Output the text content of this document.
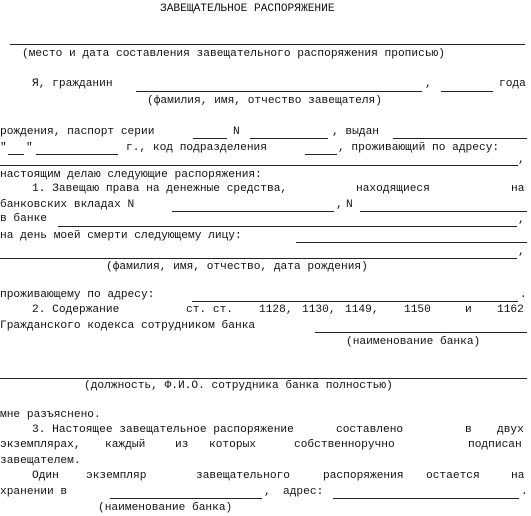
ЗАВЕЩАТЕЛЬНОЕ РАСПОРЯЖЕНИЕ
(место и дата составления завещательного распоряжения прописью)
Я, гражданин	,	года
(фамилия, имя, отчество завещателя)
рождения, паспорт серии	N	, выдан
" "	г., код подразделения	, проживающий по адресу:
,
настоящим делаю следующие распоряжения:
1. Завещаю права на денежные средства,	находящиеся	на
банковских вкладах N	, N
в банке	,
на день моей смерти следующему лицу:
,
(фамилия, имя, отчество, дата рождения)
проживающему по адресу:	.
2. Содержание	ст. ст. 1128, 1130, 1149, 1150	и 1162
Гражданского кодекса сотрудником банка
(наименование банка)
(должность, Ф.И.О. сотрудника банка полностью)
мне разъяснено.
3. Настоящее завещательное распоряжение	составлено	в двух
экземплярах, каждый	из которых	собственноручно	подписан
завещателем.
Один экземпляр	завещательного	распоряжения остается	на
хранении в	, адрес:	.
(наименование банка)
